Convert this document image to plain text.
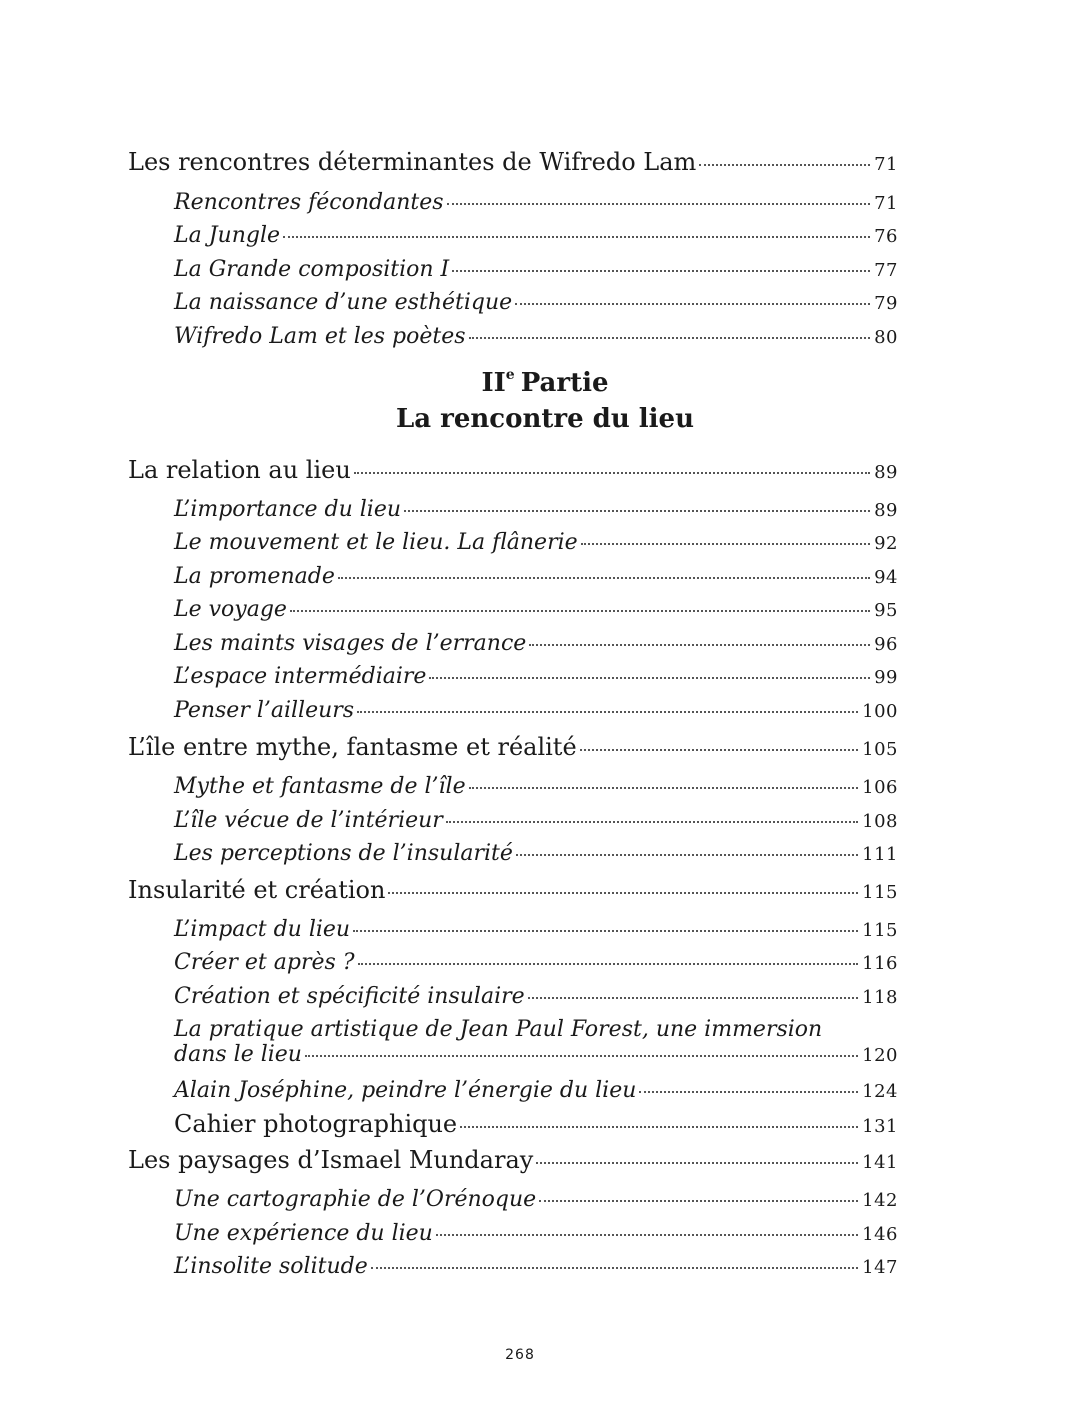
Les rencontres déterminantes de Wifredo Lam	71
Rencontres fécondantes	71
La Jungle	76
La Grande composition I	77
La naissance d’une esthétique	79
Wifredo Lam et les poètes	80
IIe Partie
La rencontre du lieu
La relation au lieu	89
L’importance du lieu	89
Le mouvement et le lieu. La flânerie	92
La promenade	94
Le voyage	95
Les maints visages de l’errance	96
L’espace intermédiaire	99
Penser l’ailleurs	100
L’île entre mythe, fantasme et réalité	105
Mythe et fantasme de l’île	106
L’île vécue de l’intérieur	108
Les perceptions de l’insularité	111
Insularité et création	115
L’impact du lieu	115
Créer et après ?	116
Création et spécificité insulaire	118
La pratique artistique de Jean Paul Forest, une immersion
dans le lieu	120
Alain Joséphine, peindre l’énergie du lieu	124
Cahier photographique	131
Les paysages d’Ismael Mundaray	141
Une cartographie de l’Orénoque	142
Une expérience du lieu	146
L’insolite solitude	147
268
